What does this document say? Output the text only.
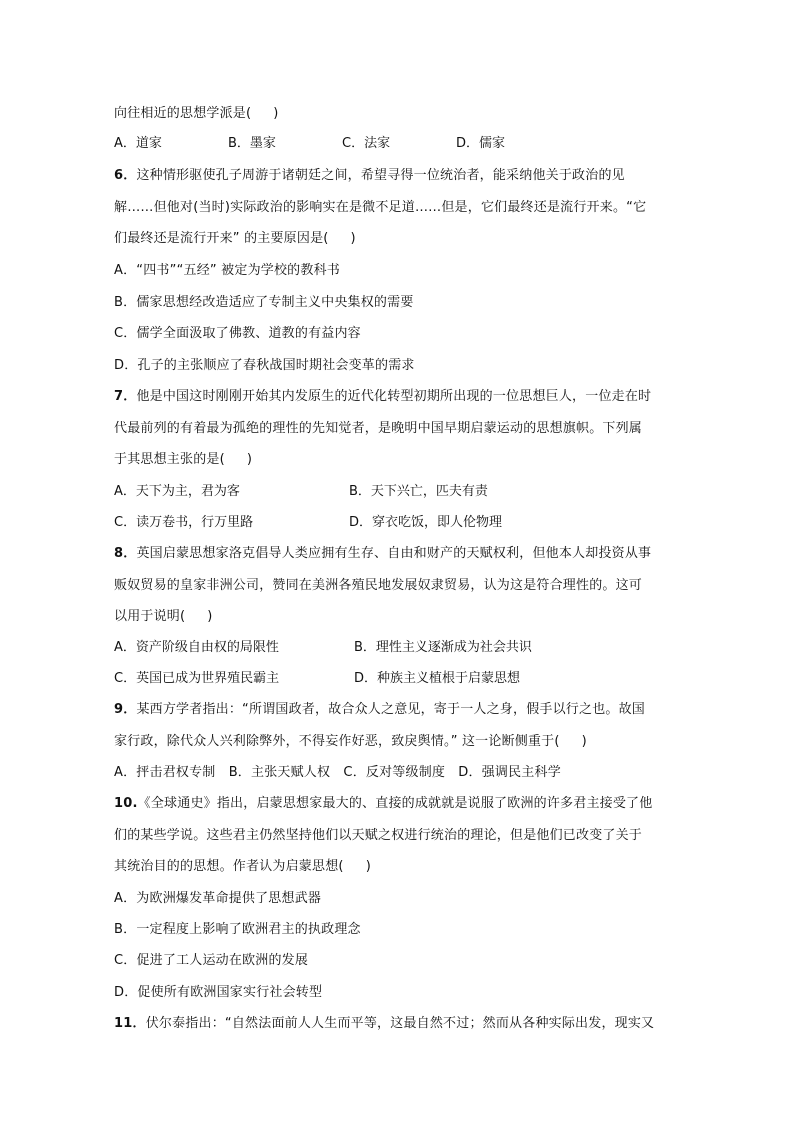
向往相近的思想学派是( )
A．道家	B．墨家	C．法家	D．儒家
6．这种情形驱使孔子周游于诸朝廷之间，希望寻得一位统治者，能采纳他关于政治的见
解……但他对(当时)实际政治的影响实在是微不足道……但是，它们最终还是流行开来。“它
们最终还是流行开来” 的主要原因是( )
A．“四书”“五经” 被定为学校的教科书
B．儒家思想经改造适应了专制主义中央集权的需要
C．儒学全面汲取了佛教、道教的有益内容
D．孔子的主张顺应了春秋战国时期社会变革的需求
7．他是中国这时刚刚开始其内发原生的近代化转型初期所出现的一位思想巨人，一位走在时
代最前列的有着最为孤绝的理性的先知觉者，是晚明中国早期启蒙运动的思想旗帜。下列属
于其思想主张的是( )
A．天下为主，君为客	B．天下兴亡，匹夫有责
C．读万卷书，行万里路	D．穿衣吃饭，即人伦物理
8．英国启蒙思想家洛克倡导人类应拥有生存、自由和财产的天赋权利，但他本人却投资从事
贩奴贸易的皇家非洲公司，赞同在美洲各殖民地发展奴隶贸易，认为这是符合理性的。这可
以用于说明( )
A．资产阶级自由权的局限性	B．理性主义逐渐成为社会共识
C．英国已成为世界殖民霸主	D．种族主义植根于启蒙思想
9．某西方学者指出：“所谓国政者，故合众人之意见，寄于一人之身，假手以行之也。故国
家行政，除代众人兴利除弊外，不得妄作好恶，致戾舆情。” 这一论断侧重于( )
A．抨击君权专制　B．主张天赋人权　C．反对等级制度　D．强调民主科学
10.《全球通史》指出，启蒙思想家最大的、直接的成就就是说服了欧洲的许多君主接受了他
们的某些学说。这些君主仍然坚持他们以天赋之权进行统治的理论，但是他们已改变了关于
其统治目的的思想。作者认为启蒙思想( )
A．为欧洲爆发革命提供了思想武器
B．一定程度上影响了欧洲君主的执政理念
C．促进了工人运动在欧洲的发展
D．促使所有欧洲国家实行社会转型
11．伏尔泰指出：“自然法面前人人生而平等，这最自然不过；然而从各种实际出发，现实又
